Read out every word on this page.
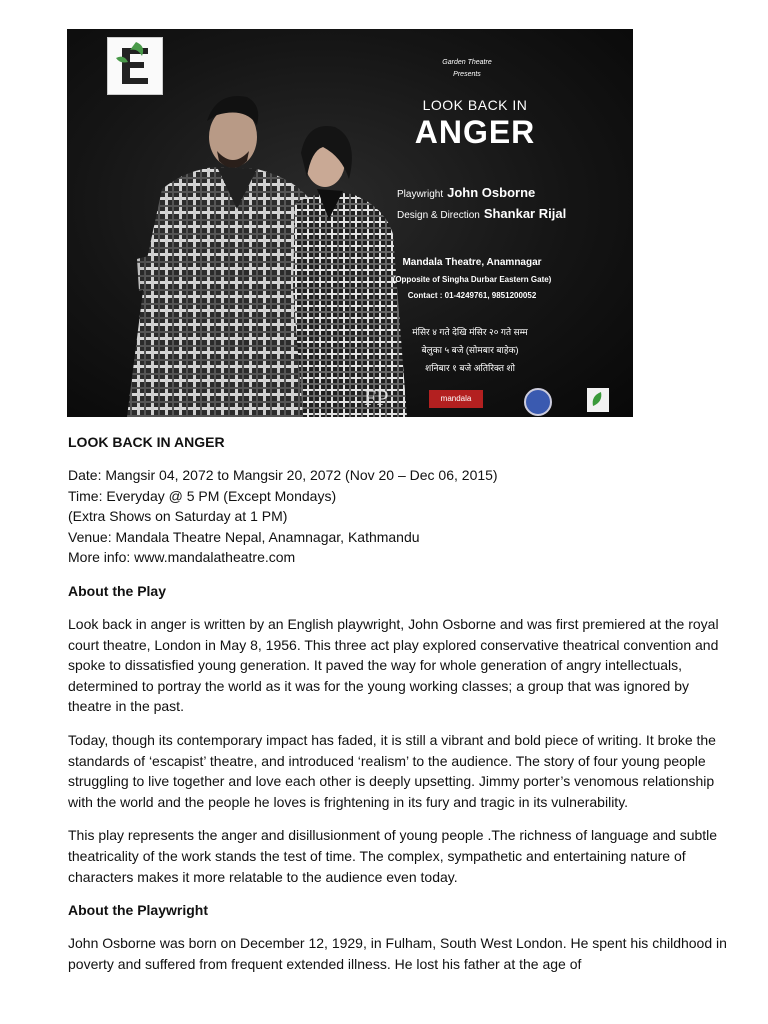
Garden Theatre
Presents
LOOK BACK IN
ANGER
Playwright John Osborne
Design & Direction Shankar Rijal
Mandala Theatre, Anamnagar
(Opposite of Singha Durbar Eastern Gate)
Contact : 01-4249761, 9851200052
मंसिर ४ गते देखि मंसिर २० गते सम्म
बेलुका ५ बजे (सोमबार बाहेक)
शनिबार १ बजे अतिरिक्त शो
FP	mandala
LOOK BACK IN ANGER

Date: Mangsir 04, 2072 to Mangsir 20, 2072 (Nov 20 – Dec 06, 2015)

Time: Everyday @ 5 PM (Except Mondays)

(Extra Shows on Saturday at 1 PM)

Venue: Mandala Theatre Nepal, Anamnagar, Kathmandu

More info: www.mandalatheatre.com

About the Play

Look back in anger is written by an English playwright, John Osborne and was first premiered at the royal court theatre, London in May 8, 1956. This three act play explored conservative theatrical convention and spoke to dissatisfied young generation. It paved the way for whole generation of angry intellectuals, determined to portray the world as it was for the young working classes; a group that was ignored by theatre in the past.

Today, though its contemporary impact has faded, it is still a vibrant and bold piece of writing. It broke the standards of ‘escapist’ theatre, and introduced ‘realism’ to the audience. The story of four young people struggling to live together and love each other is deeply upsetting. Jimmy porter’s venomous relationship with the world and the people he loves is frightening in its fury and tragic in its vulnerability.

This play represents the anger and disillusionment of young people .The richness of language and subtle theatricality of the work stands the test of time. The complex, sympathetic and entertaining nature of characters makes it more relatable to the audience even today.

About the Playwright

John Osborne was born on December 12, 1929, in Fulham, South West London. He spent his childhood in poverty and suffered from frequent extended illness. He lost his father at the age of
